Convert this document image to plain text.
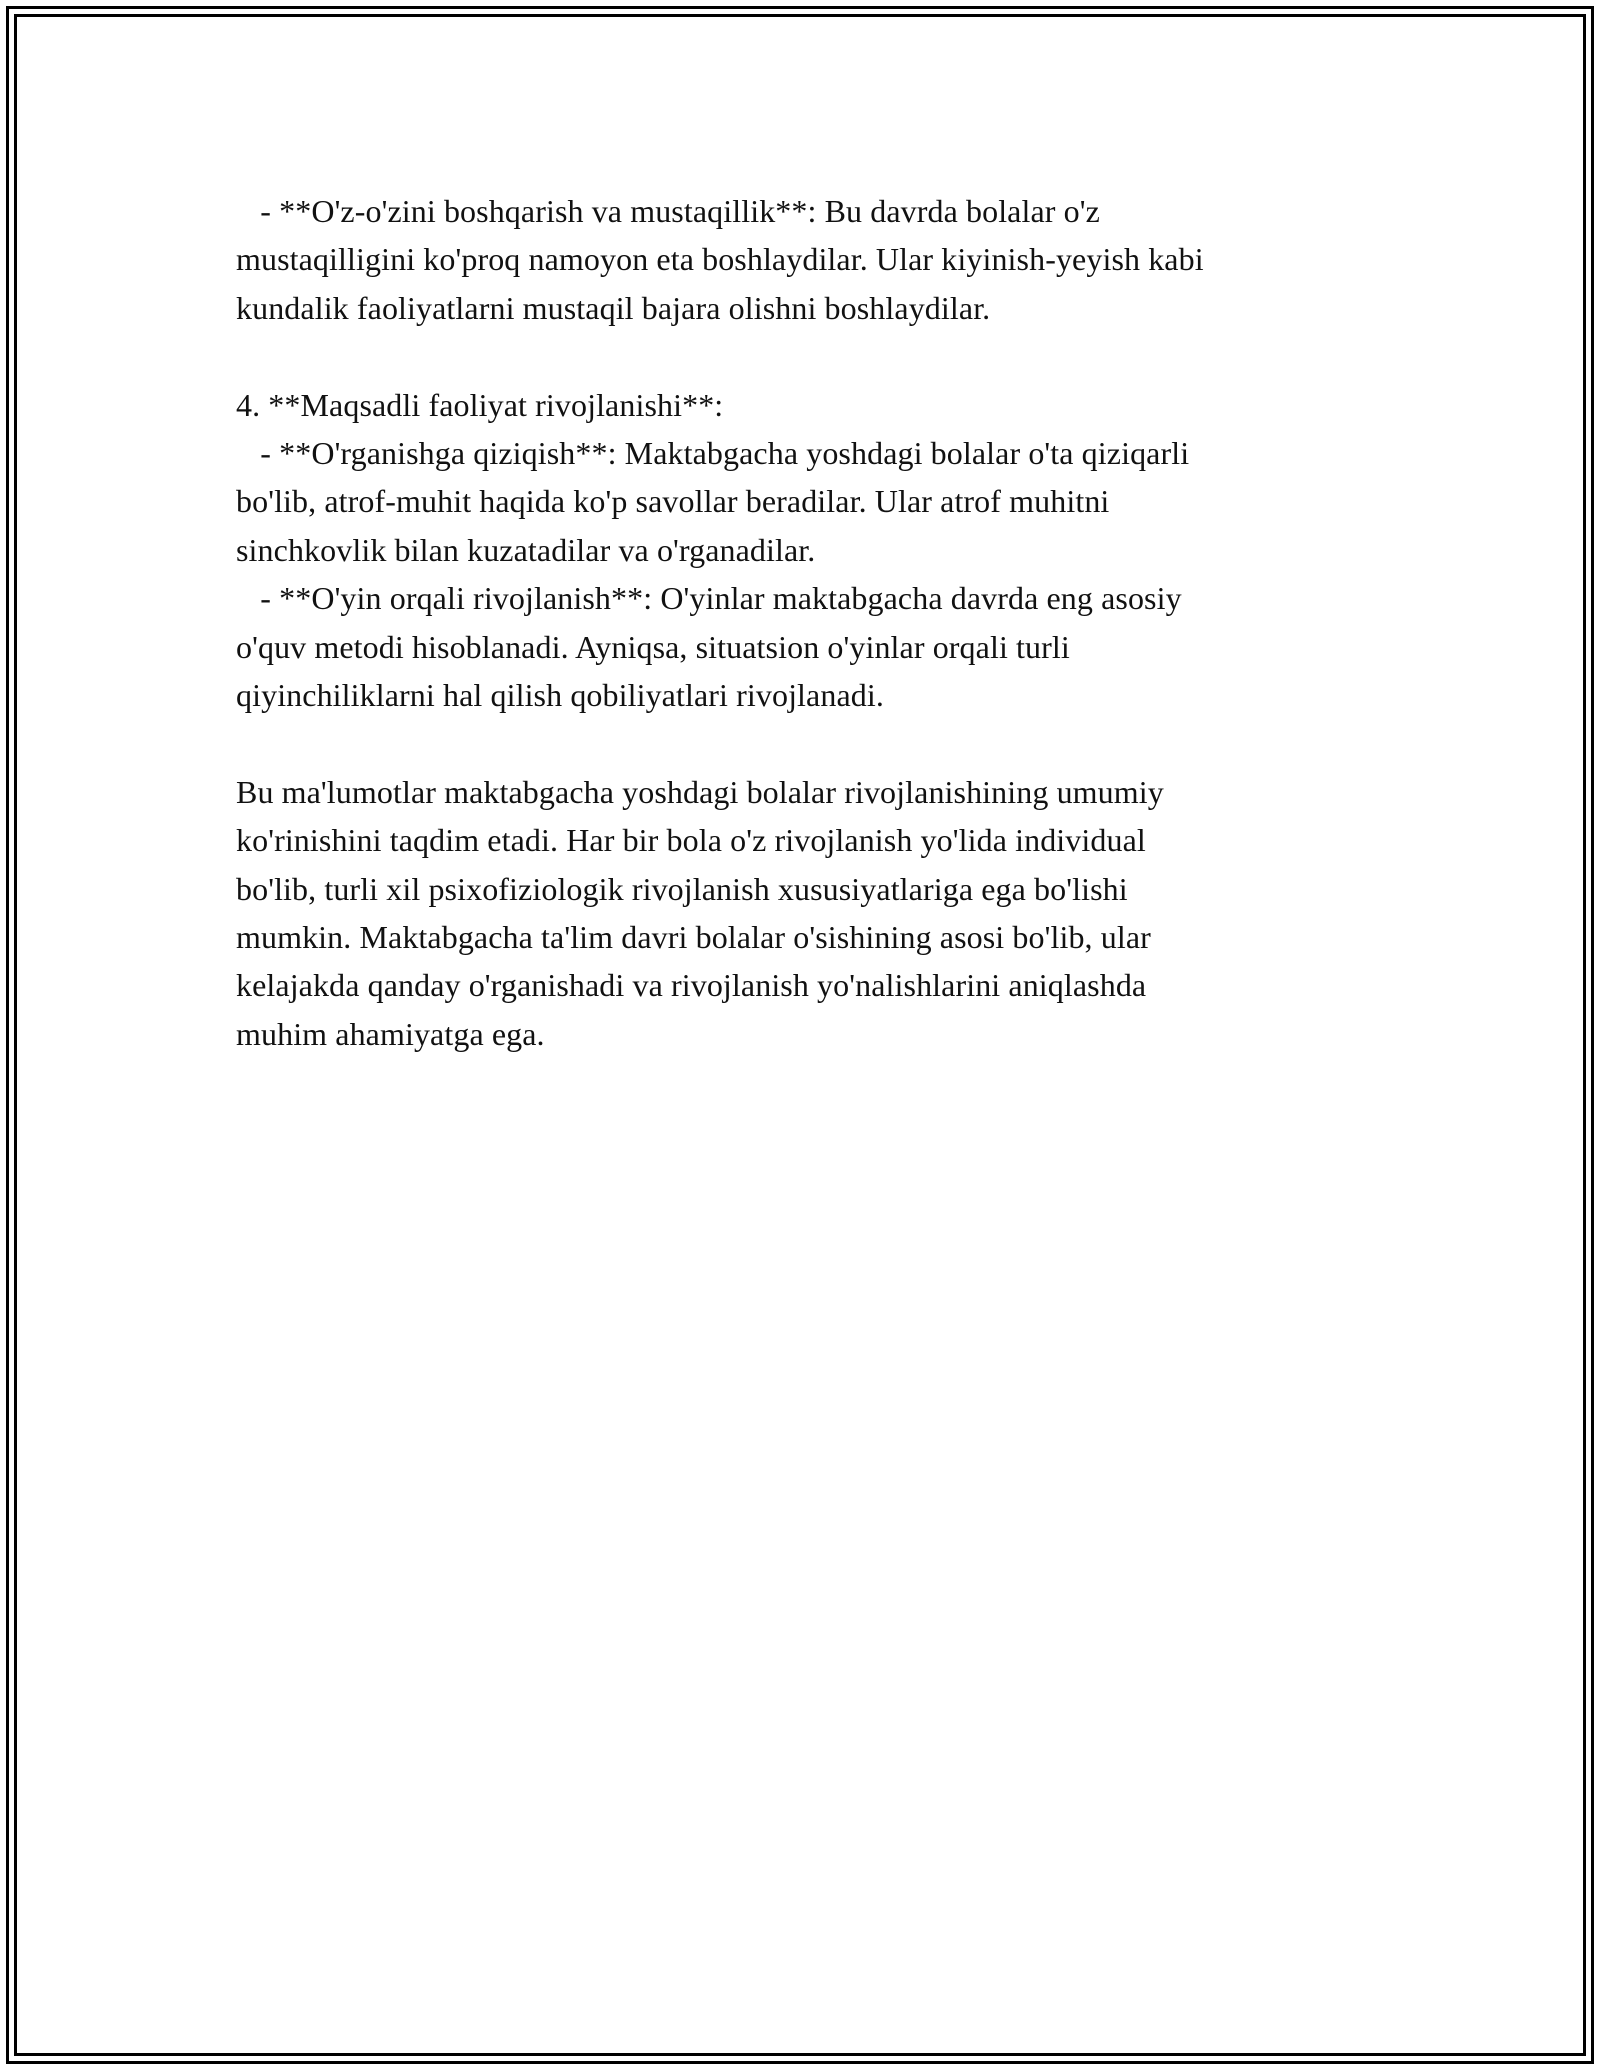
- **O'z-o'zini boshqarish va mustaqillik**: Bu davrda bolalar o'z
mustaqilligini ko'proq namoyon eta boshlaydilar. Ular kiyinish-yeyish kabi
kundalik faoliyatlarni mustaqil bajara olishni boshlaydilar.
4. **Maqsadli faoliyat rivojlanishi**:
- **O'rganishga qiziqish**: Maktabgacha yoshdagi bolalar o'ta qiziqarli
bo'lib, atrof-muhit haqida ko'p savollar beradilar. Ular atrof muhitni
sinchkovlik bilan kuzatadilar va o'rganadilar.
- **O'yin orqali rivojlanish**: O'yinlar maktabgacha davrda eng asosiy
o'quv metodi hisoblanadi. Ayniqsa, situatsion o'yinlar orqali turli
qiyinchiliklarni hal qilish qobiliyatlari rivojlanadi.
Bu ma'lumotlar maktabgacha yoshdagi bolalar rivojlanishining umumiy
ko'rinishini taqdim etadi. Har bir bola o'z rivojlanish yo'lida individual
bo'lib, turli xil psixofiziologik rivojlanish xususiyatlariga ega bo'lishi
mumkin. Maktabgacha ta'lim davri bolalar o'sishining asosi bo'lib, ular
kelajakda qanday o'rganishadi va rivojlanish yo'nalishlarini aniqlashda
muhim ahamiyatga ega.
